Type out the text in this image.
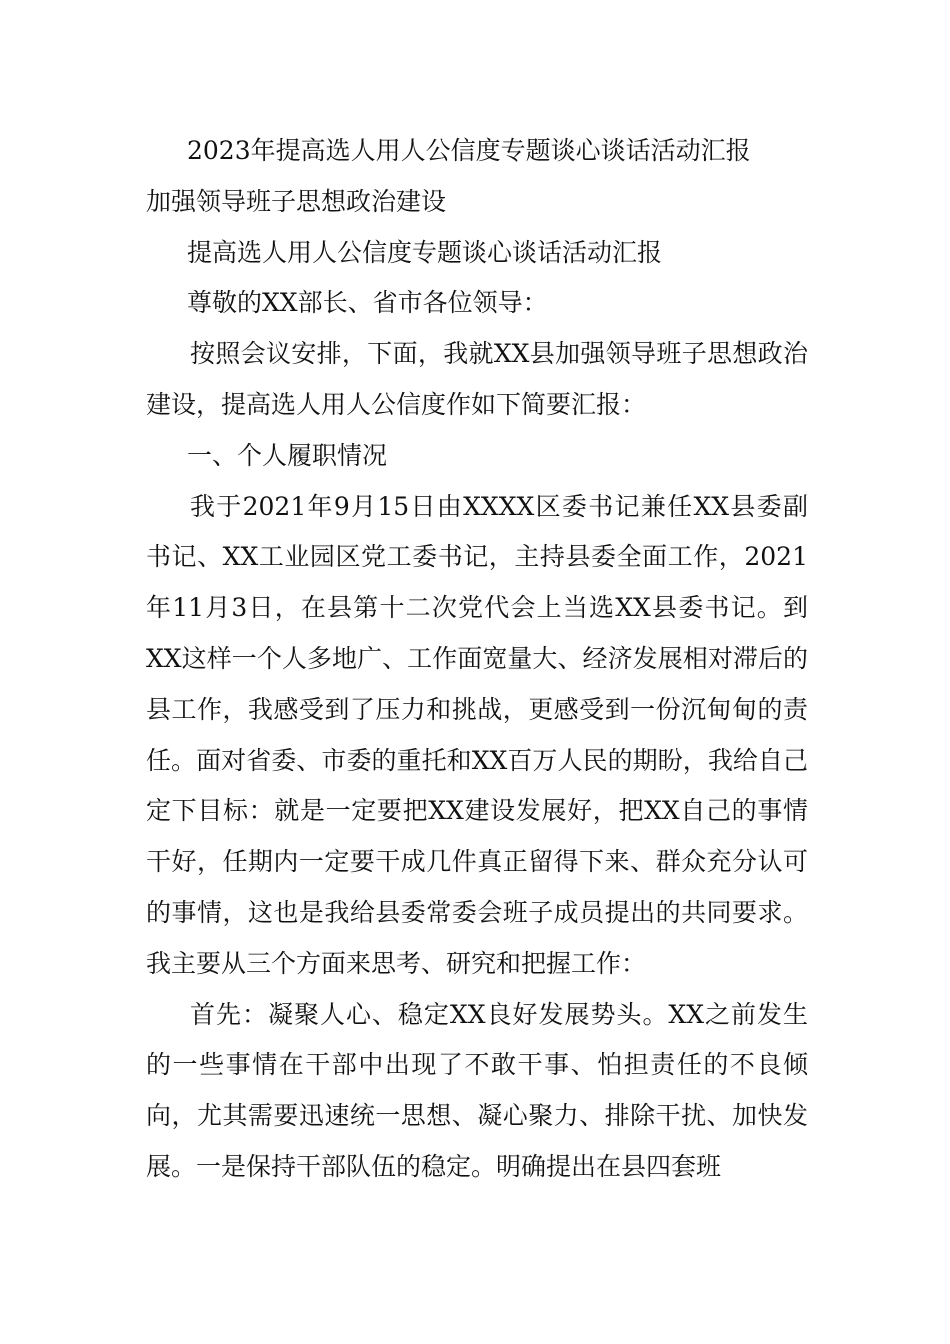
2023年提高选人用人公信度专题谈心谈话活动汇报

加强领导班子思想政治建设

提高选人用人公信度专题谈心谈话活动汇报

尊敬的XX部长、省市各位领导：

按照会议安排，下面，我就XX县加强领导班子思想政治建设，提高选人用人公信度作如下简要汇报：

一、个人履职情况

我于2021年9月15日由XXXX区委书记兼任XX县委副书记、XX工业园区党工委书记，主持县委全面工作，2021年11月3日，在县第十二次党代会上当选XX县委书记。到XX这样一个人多地广、工作面宽量大、经济发展相对滞后的县工作，我感受到了压力和挑战，更感受到一份沉甸甸的责任。面对省委、市委的重托和XX百万人民的期盼，我给自己定下目标：就是一定要把XX建设发展好，把XX自己的事情干好，任期内一定要干成几件真正留得下来、群众充分认可的事情，这也是我给县委常委会班子成员提出的共同要求。我主要从三个方面来思考、研究和把握工作：

首先：凝聚人心、稳定XX良好发展势头。XX之前发生的一些事情在干部中出现了不敢干事、怕担责任的不良倾向，尤其需要迅速统一思想、凝心聚力、排除干扰、加快发展。一是保持干部队伍的稳定。明确提出在县四套班
